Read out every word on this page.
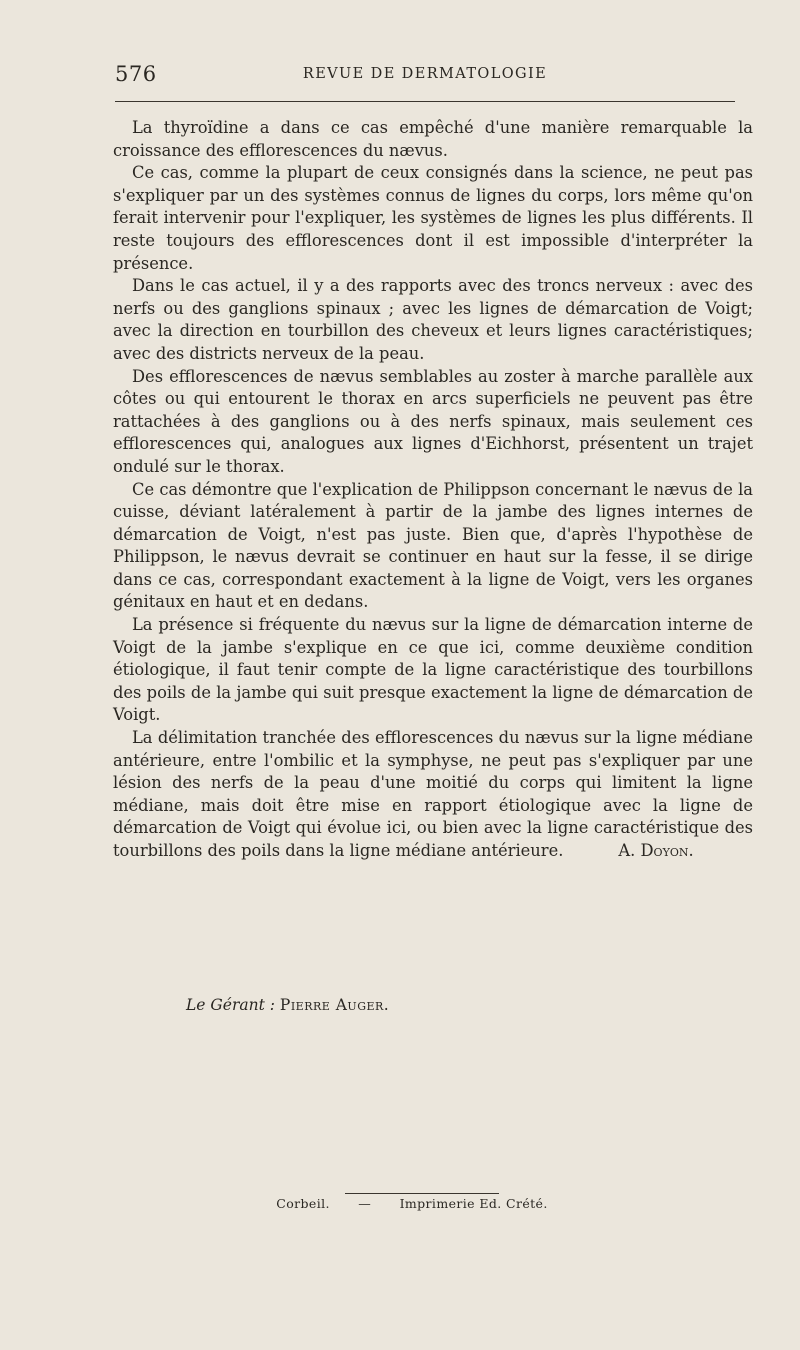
576	REVUE DE DERMATOLOGIE

La thyroïdine a dans ce cas empêché d'une manière remarquable la croissance des efflorescences du nævus.

Ce cas, comme la plupart de ceux consignés dans la science, ne peut pas s'expliquer par un des systèmes connus de lignes du corps, lors même qu'on ferait intervenir pour l'expliquer, les systèmes de lignes les plus différents. Il reste toujours des efflorescences dont il est impossible d'interpréter la présence.

Dans le cas actuel, il y a des rapports avec des troncs nerveux : avec des nerfs ou des ganglions spinaux ; avec les lignes de démarcation de Voigt; avec la direction en tourbillon des cheveux et leurs lignes caractéristiques; avec des districts nerveux de la peau.

Des efflorescences de nævus semblables au zoster à marche parallèle aux côtes ou qui entourent le thorax en arcs superficiels ne peuvent pas être rattachées à des ganglions ou à des nerfs spinaux, mais seulement ces efflorescences qui, analogues aux lignes d'Eichhorst, présentent un trajet ondulé sur le thorax.

Ce cas démontre que l'explication de Philippson concernant le nævus de la cuisse, déviant latéralement à partir de la jambe des lignes internes de démarcation de Voigt, n'est pas juste. Bien que, d'après l'hypothèse de Philippson, le nævus devrait se continuer en haut sur la fesse, il se dirige dans ce cas, correspondant exactement à la ligne de Voigt, vers les organes génitaux en haut et en dedans.

La présence si fréquente du nævus sur la ligne de démarcation interne de Voigt de la jambe s'explique en ce que ici, comme deuxième condition étiologique, il faut tenir compte de la ligne caractéristique des tourbillons des poils de la jambe qui suit presque exactement la ligne de démarcation de Voigt.

La délimitation tranchée des efflorescences du nævus sur la ligne médiane antérieure, entre l'ombilic et la symphyse, ne peut pas s'expliquer par une lésion des nerfs de la peau d'une moitié du corps qui limitent la ligne médiane, mais doit être mise en rapport étiologique avec la ligne de démarcation de Voigt qui évolue ici, ou bien avec la ligne caractéristique des tourbillons des poils dans la ligne médiane antérieure.	A. Doyon.

Le Gérant : Pierre Auger.
Corbeil. — Imprimerie Ed. Crété.
